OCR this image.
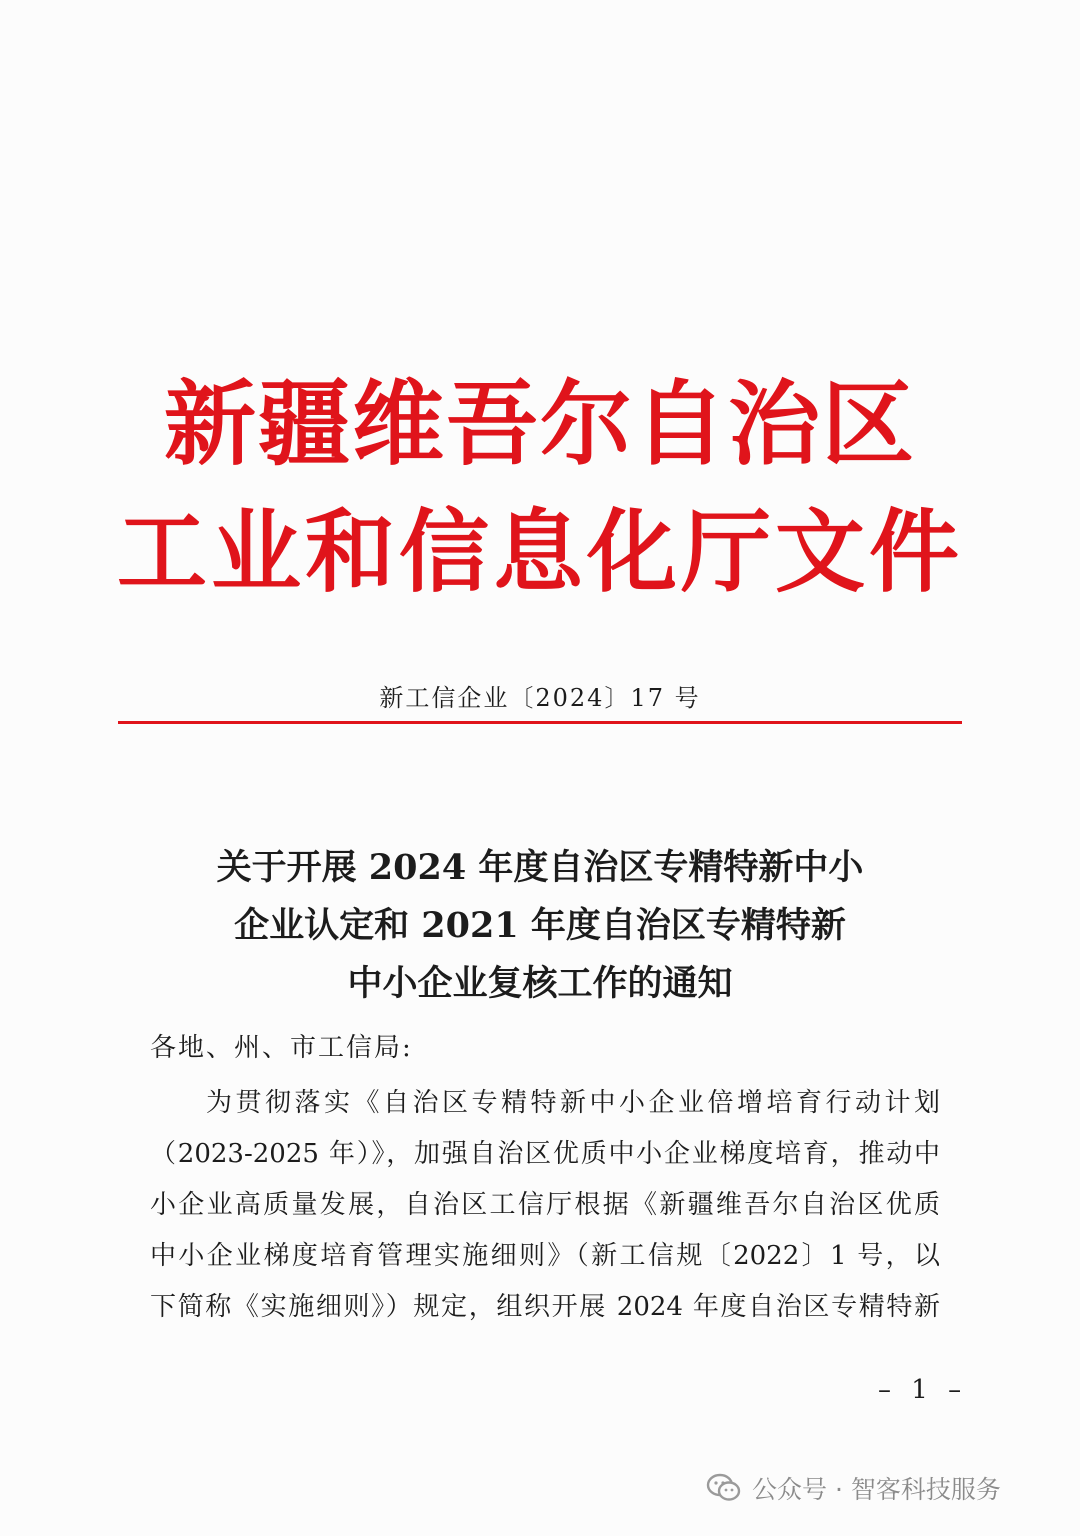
新疆维吾尔自治区
工业和信息化厅文件
新工信企业〔2024〕17 号
关于开展 2024 年度自治区专精特新中小
企业认定和 2021 年度自治区专精特新
中小企业复核工作的通知
各地、州、市工信局:
为贯彻落实《自治区专精特新中小企业倍增培育行动计划
（2023-2025 年）》，加强自治区优质中小企业梯度培育，推动中
小企业高质量发展，自治区工信厅根据《新疆维吾尔自治区优质
中小企业梯度培育管理实施细则》（新工信规〔2022〕1 号，以
下简称《实施细则》）规定，组织开展 2024 年度自治区专精特新
– 1 –
公众号 · 智客科技服务
